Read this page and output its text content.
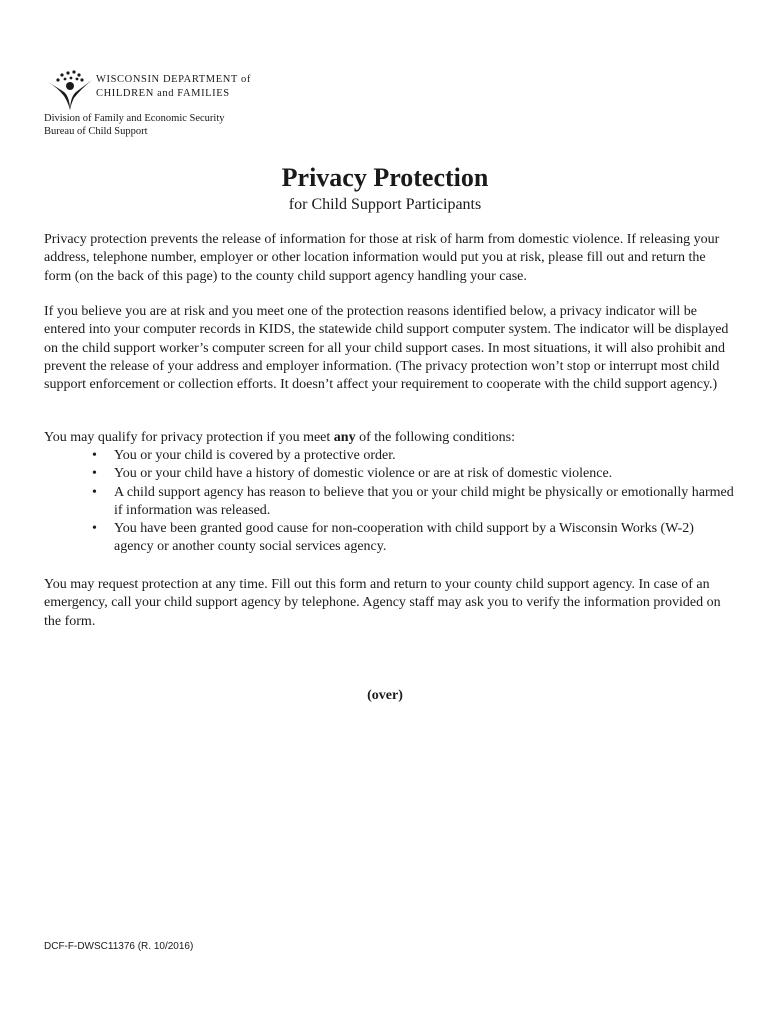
WISCONSIN DEPARTMENT of
CHILDREN and FAMILIES
Division of Family and Economic Security
Bureau of Child Support
Privacy Protection
for Child Support Participants

Privacy protection prevents the release of information for those at risk of harm from domestic violence. If releasing your address, telephone number, employer or other location information would put you at risk, please fill out and return the form (on the back of this page) to the county child support agency handling your case.

If you believe you are at risk and you meet one of the protection reasons identified below, a privacy indicator will be entered into your computer records in KIDS, the statewide child support computer system. The indicator will be displayed on the child support worker’s computer screen for all your child support cases. In most situations, it will also prohibit and prevent the release of your address and employer information. (The privacy protection won’t stop or interrupt most child support enforcement or collection efforts. It doesn’t affect your requirement to cooperate with the child support agency.)

You may qualify for privacy protection if you meet any of the following conditions:

• You or your child is covered by a protective order.
• You or your child have a history of domestic violence or are at risk of domestic violence.
• A child support agency has reason to believe that you or your child might be physically or emotionally harmed if information was released.
• You have been granted good cause for non-cooperation with child support by a Wisconsin Works (W-2) agency or another county social services agency.

You may request protection at any time. Fill out this form and return to your county child support agency. In case of an emergency, call your child support agency by telephone. Agency staff may ask you to verify the information provided on the form.

(over)
DCF-F-DWSC11376 (R. 10/2016)
